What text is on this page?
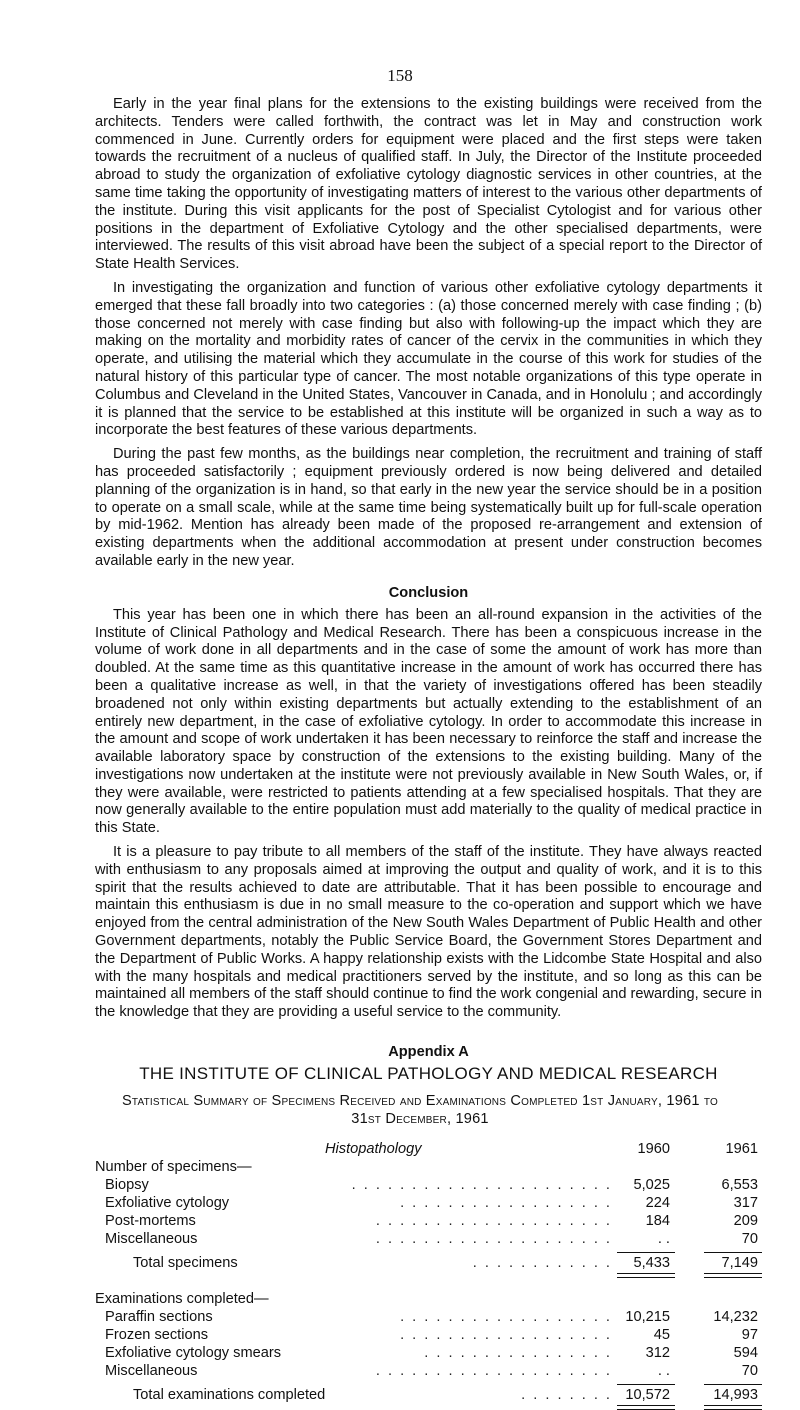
158

Early in the year final plans for the extensions to the existing buildings were received from the architects. Tenders were called forthwith, the contract was let in May and construction work commenced in June. Currently orders for equipment were placed and the first steps were taken towards the recruitment of a nucleus of qualified staff. In July, the Director of the Institute proceeded abroad to study the organization of exfoliative cytology diagnostic services in other countries, at the same time taking the opportunity of investigating matters of interest to the various other departments of the institute. During this visit applicants for the post of Specialist Cytologist and for various other positions in the department of Exfoliative Cytology and the other specialised departments, were interviewed. The results of this visit abroad have been the subject of a special report to the Director of State Health Services.

In investigating the organization and function of various other exfoliative cytology departments it emerged that these fall broadly into two categories : (a) those concerned merely with case finding ; (b) those concerned not merely with case finding but also with following-up the impact which they are making on the mortality and morbidity rates of cancer of the cervix in the communities in which they operate, and utilising the material which they accumulate in the course of this work for studies of the natural history of this particular type of cancer. The most notable organizations of this type operate in Columbus and Cleveland in the United States, Vancouver in Canada, and in Honolulu ; and accordingly it is planned that the service to be established at this institute will be organized in such a way as to incorporate the best features of these various departments.

During the past few months, as the buildings near completion, the recruitment and training of staff has proceeded satisfactorily ; equipment previously ordered is now being delivered and detailed planning of the organization is in hand, so that early in the new year the service should be in a position to operate on a small scale, while at the same time being systematically built up for full-scale operation by mid-1962. Mention has already been made of the proposed re-arrangement and extension of existing departments when the additional accommodation at present under construction becomes available early in the new year.

Conclusion

This year has been one in which there has been an all-round expansion in the activities of the Institute of Clinical Pathology and Medical Research. There has been a conspicuous increase in the volume of work done in all departments and in the case of some the amount of work has more than doubled. At the same time as this quantitative increase in the amount of work has occurred there has been a qualitative increase as well, in that the variety of investigations offered has been steadily broadened not only within existing departments but actually extending to the establishment of an entirely new department, in the case of exfoliative cytology. In order to accommodate this increase in the amount and scope of work undertaken it has been necessary to reinforce the staff and increase the available laboratory space by construction of the extensions to the existing building. Many of the investigations now undertaken at the institute were not previously available in New South Wales, or, if they were available, were restricted to patients attending at a few specialised hospitals. That they are now generally available to the entire population must add materially to the quality of medical practice in this State.

It is a pleasure to pay tribute to all members of the staff of the institute. They have always reacted with enthusiasm to any proposals aimed at improving the output and quality of work, and it is to this spirit that the results achieved to date are attributable. That it has been possible to encourage and maintain this enthusiasm is due in no small measure to the co-operation and support which we have enjoyed from the central administration of the New South Wales Department of Public Health and other Government departments, notably the Public Service Board, the Government Stores Department and the Department of Public Works. A happy relationship exists with the Lidcombe State Hospital and also with the many hospitals and medical practitioners served by the institute, and so long as this can be maintained all members of the staff should continue to find the work congenial and rewarding, secure in the knowledge that they are providing a useful service to the community.

Appendix A
THE INSTITUTE OF CLINICAL PATHOLOGY AND MEDICAL RESEARCH
Statistical Summary of Specimens Received and Examinations Completed 1st January, 1961 to
31st December, 1961
Histopathology	1960	1961
Number of specimens—
Biopsy	. . . . . . . . . . . . . . . . . . . . . . 5,025	6,553
Exfoliative cytology	. . . . . . . . . . . . . . . . . . 224	317
Post-mortems	. . . . . . . . . . . . . . . . . . . . 184	209
Miscellaneous	. . . . . . . . . . . . . . . . . . . .	. .	70
Total specimens	. . . . . . . . . . . . 5,433	7,149
Examinations completed—
Paraffin sections	. . . . . . . . . . . . . . . . . . 10,215	14,232
Frozen sections	. . . . . . . . . . . . . . . . . .	45	97
Exfoliative cytology smears	. . . . . . . . . . . . . . . . 312	594
Miscellaneous	. . . . . . . . . . . . . . . . . . . .	. .	70
Total examinations completed	. . . . . . . . 10,572	14,993
